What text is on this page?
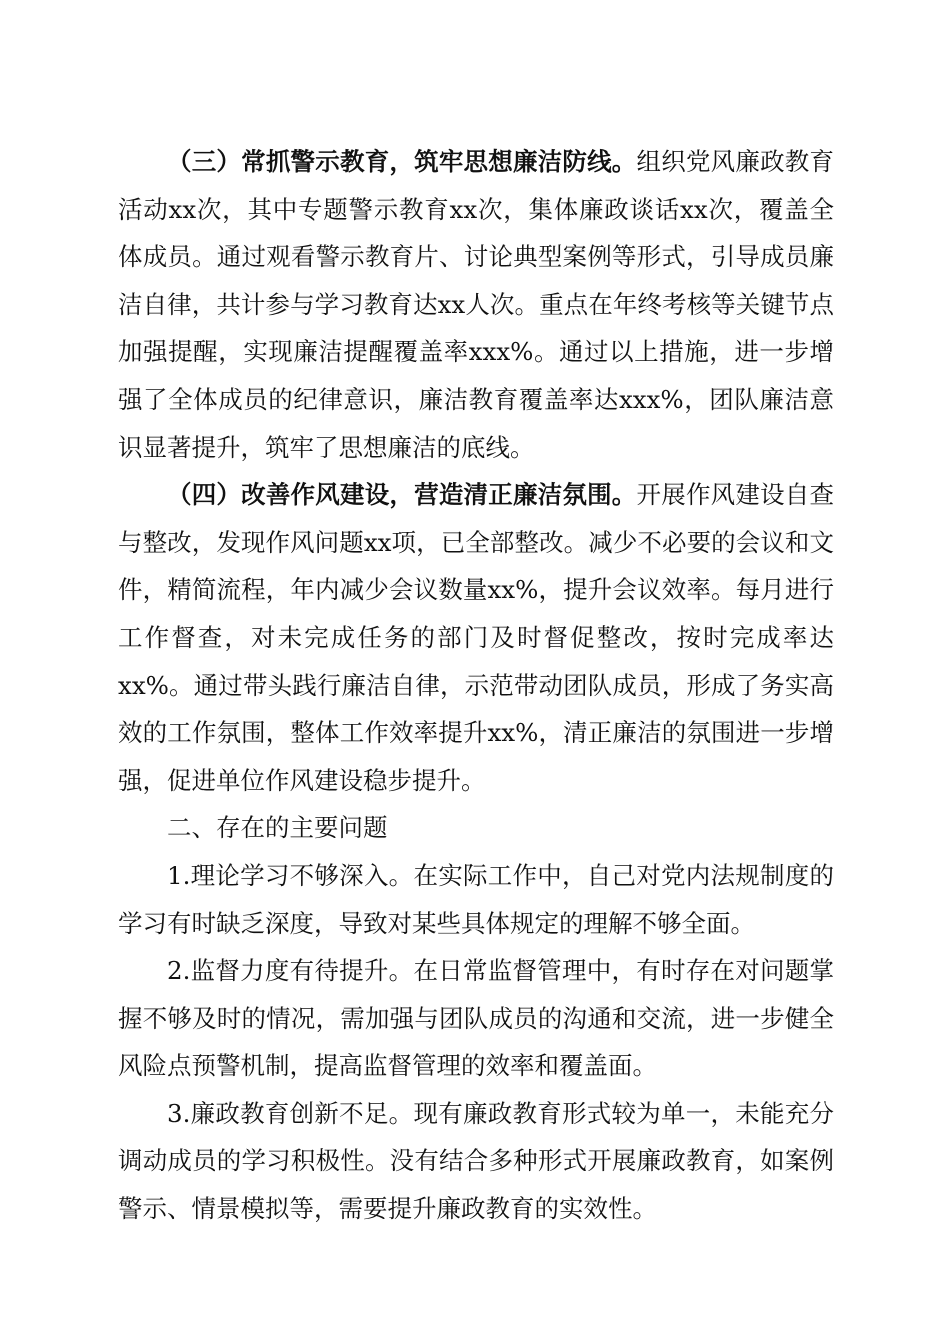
（三）常抓警示教育，筑牢思想廉洁防线。组织党风廉政教育活动xx次，其中专题警示教育xx次，集体廉政谈话xx次，覆盖全体成员。通过观看警示教育片、讨论典型案例等形式，引导成员廉洁自律，共计参与学习教育达xx人次。重点在年终考核等关键节点加强提醒，实现廉洁提醒覆盖率xxx%。通过以上措施，进一步增强了全体成员的纪律意识，廉洁教育覆盖率达xxx%，团队廉洁意识显著提升，筑牢了思想廉洁的底线。

（四）改善作风建设，营造清正廉洁氛围。开展作风建设自查与整改，发现作风问题xx项，已全部整改。减少不必要的会议和文件，精简流程，年内减少会议数量xx%，提升会议效率。每月进行工作督查，对未完成任务的部门及时督促整改，按时完成率达xx%。通过带头践行廉洁自律，示范带动团队成员，形成了务实高效的工作氛围，整体工作效率提升xx%，清正廉洁的氛围进一步增强，促进单位作风建设稳步提升。

二、存在的主要问题

1.理论学习不够深入。在实际工作中，自己对党内法规制度的学习有时缺乏深度，导致对某些具体规定的理解不够全面。

2.监督力度有待提升。在日常监督管理中，有时存在对问题掌握不够及时的情况，需加强与团队成员的沟通和交流，进一步健全风险点预警机制，提高监督管理的效率和覆盖面。

3.廉政教育创新不足。现有廉政教育形式较为单一，未能充分调动成员的学习积极性。没有结合多种形式开展廉政教育，如案例警示、情景模拟等，需要提升廉政教育的实效性。
